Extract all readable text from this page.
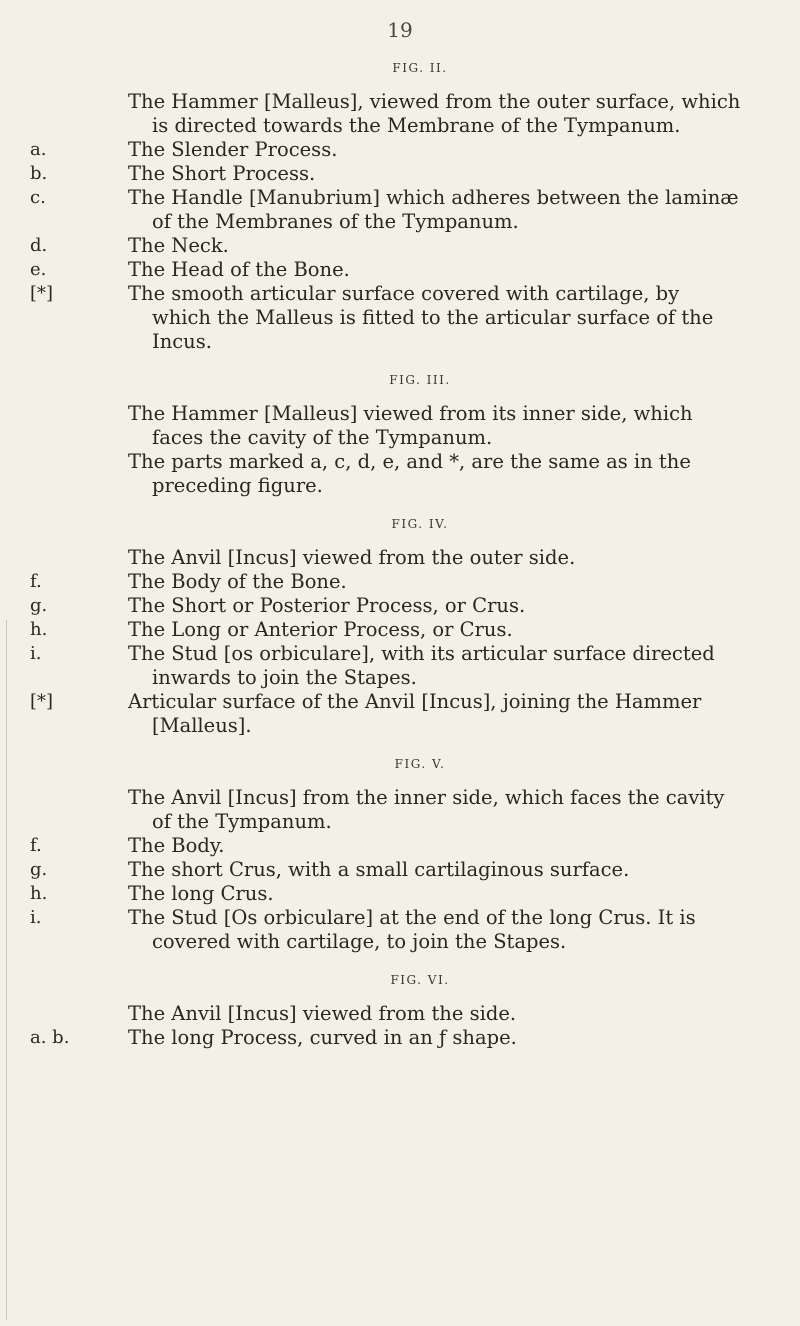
19
FIG. II.
The Hammer [Malleus], viewed from the outer surface, which is directed towards the Membrane of the Tympanum.
a.	The Slender Process.
b.	The Short Process.
c.	The Handle [Manubrium] which adheres between the laminæ of the Membranes of the Tympanum.
d.	The Neck.
e.	The Head of the Bone.
[*]	The smooth articular surface covered with cartilage, by which the Malleus is fitted to the articular surface of the Incus.
FIG. III.
The Hammer [Malleus] viewed from its inner side, which faces the cavity of the Tympanum.
The parts marked a, c, d, e, and *, are the same as in the preceding figure.
FIG. IV.
The Anvil [Incus] viewed from the outer side.
f.	The Body of the Bone.
g.	The Short or Posterior Process, or Crus.
h.	The Long or Anterior Process, or Crus.
i.	The Stud [os orbiculare], with its articular surface directed inwards to join the Stapes.
[*]	Articular surface of the Anvil [Incus], joining the Hammer [Malleus].
FIG. V.
The Anvil [Incus] from the inner side, which faces the cavity of the Tympanum.
f.	The Body.
g.	The short Crus, with a small cartilaginous surface.
h.	The long Crus.
i.	The Stud [Os orbiculare] at the end of the long Crus. It is covered with cartilage, to join the Stapes.
FIG. VI.
The Anvil [Incus] viewed from the side.
a. b.	The long Process, curved in an ƒ shape.
